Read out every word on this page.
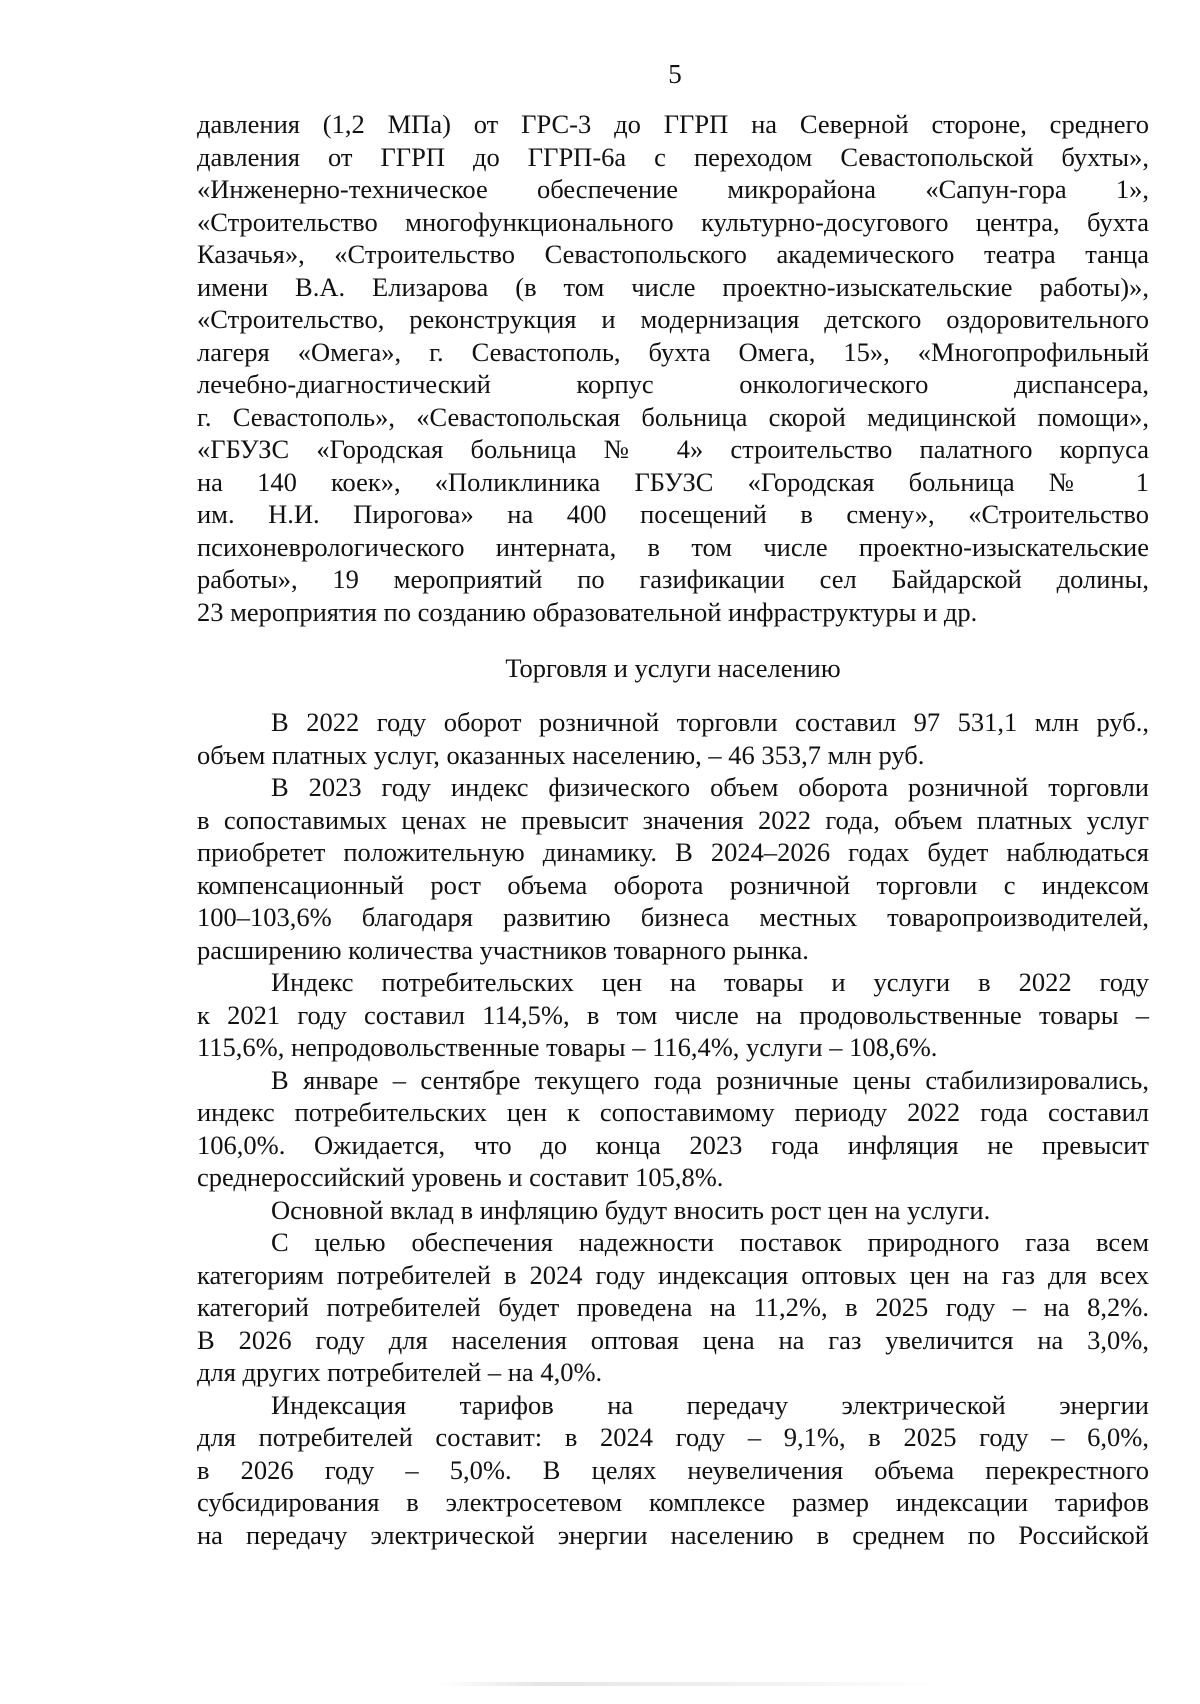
5
давления (1,2 МПа) от ГРС-3 до ГГРП на Северной стороне, среднего
давления от ГГРП до ГГРП-6а с переходом Севастопольской бухты»,
«Инженерно-техническое обеспечение микрорайона «Сапун-гора 1»,
«Строительство многофункционального культурно-досугового центра, бухта
Казачья», «Строительство Севастопольского академического театра танца
имени В.А. Елизарова (в том числе проектно-изыскательские работы)»,
«Строительство, реконструкция и модернизация детского оздоровительного
лагеря «Омега», г. Севастополь, бухта Омега, 15», «Многопрофильный
лечебно-диагностический корпус онкологического диспансера,
г. Севастополь», «Севастопольская больница скорой медицинской помощи»,
«ГБУЗС «Городская больница № 4» строительство палатного корпуса
на 140 коек», «Поликлиника ГБУЗС «Городская больница № 1
им. Н.И. Пирогова» на 400 посещений в смену», «Строительство
психоневрологического интерната, в том числе проектно-изыскательские
работы», 19 мероприятий по газификации сел Байдарской долины,
23 мероприятия по созданию образовательной инфраструктуры и др.
Торговля и услуги населению
В 2022 году оборот розничной торговли составил 97 531,1 млн руб.,
объем платных услуг, оказанных населению, – 46 353,7 млн руб.
В 2023 году индекс физического объем оборота розничной торговли
в сопоставимых ценах не превысит значения 2022 года, объем платных услуг
приобретет положительную динамику. В 2024–2026 годах будет наблюдаться
компенсационный рост объема оборота розничной торговли с индексом
100–103,6% благодаря развитию бизнеса местных товаропроизводителей,
расширению количества участников товарного рынка.
Индекс потребительских цен на товары и услуги в 2022 году
к 2021 году составил 114,5%, в том числе на продовольственные товары –
115,6%, непродовольственные товары – 116,4%, услуги – 108,6%.
В январе – сентябре текущего года розничные цены стабилизировались,
индекс потребительских цен к сопоставимому периоду 2022 года составил
106,0%. Ожидается, что до конца 2023 года инфляция не превысит
среднероссийский уровень и составит 105,8%.
Основной вклад в инфляцию будут вносить рост цен на услуги.
С целью обеспечения надежности поставок природного газа всем
категориям потребителей в 2024 году индексация оптовых цен на газ для всех
категорий потребителей будет проведена на 11,2%, в 2025 году – на 8,2%.
В 2026 году для населения оптовая цена на газ увеличится на 3,0%,
для других потребителей – на 4,0%.
Индексация тарифов на передачу электрической энергии
для потребителей составит: в 2024 году – 9,1%, в 2025 году – 6,0%,
в 2026 году – 5,0%. В целях неувеличения объема перекрестного
субсидирования в электросетевом комплексе размер индексации тарифов
на передачу электрической энергии населению в среднем по Российской
